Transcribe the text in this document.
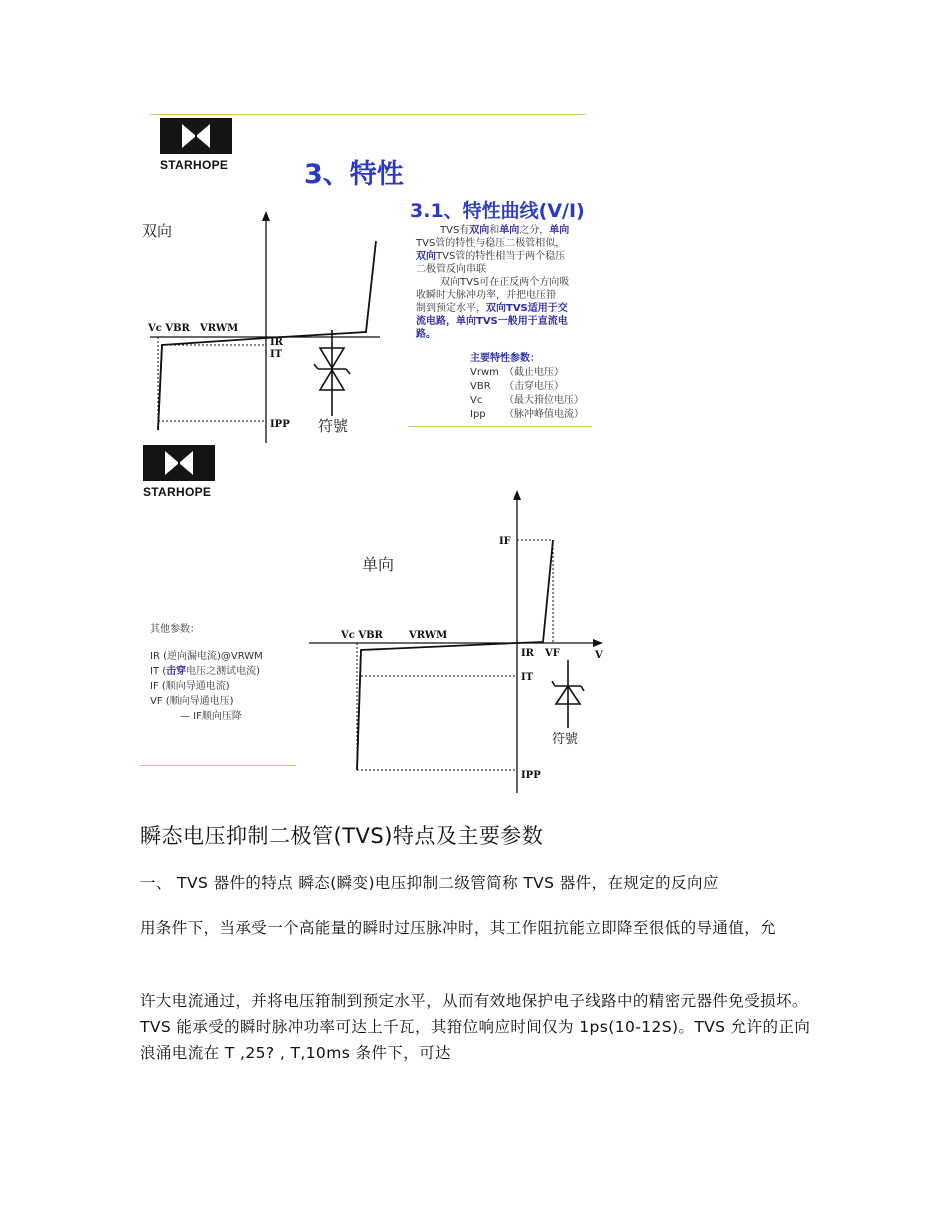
STARHOPE	3、特性
3.1、特性曲线(V/I)
双向
Vc VBR VRWM
IR
IT
IPP 符號
TVS有双向和单向之分，单向
TVS管的特性与稳压二极管相似，
双向TVS管的特性相当于两个稳压
二极管反向串联
双向TVS可在正反两个方向吸
收瞬时大脉冲功率，并把电压箝
制到预定水平，双向TVS适用于交
流电路，单向TVS一般用于直流电
路。
主要特性参数：
Vrwm （截止电压）
VBR （击穿电压）
Vc （最大箝位电压）
Ipp （脉冲峰值电流）
STARHOPE
单向
其他参数：
IR (逆向漏电流)@VRWM
IT (击穿电压之测试电流)
IF (顺向导通电流)
VF (顺向导通电压)
— IF顺向压降
IF
Vc VBR	VRWM
IR VF	V
IT
IPP
符號
瞬态电压抑制二极管(TVS)特点及主要参数
一、 TVS 器件的特点 瞬态(瞬变)电压抑制二级管简称 TVS 器件，在规定的反向应
用条件下，当承受一个高能量的瞬时过压脉冲时，其工作阻抗能立即降至很低的导通值，允
许大电流通过，并将电压箝制到预定水平，从而有效地保护电子线路中的精密元器件免受损坏。TVS 能承受的瞬时脉冲功率可达上千瓦，其箝位响应时间仅为 1ps(10-12S)。TVS 允许的正向浪涌电流在 T ,25? , T,10ms 条件下，可达
